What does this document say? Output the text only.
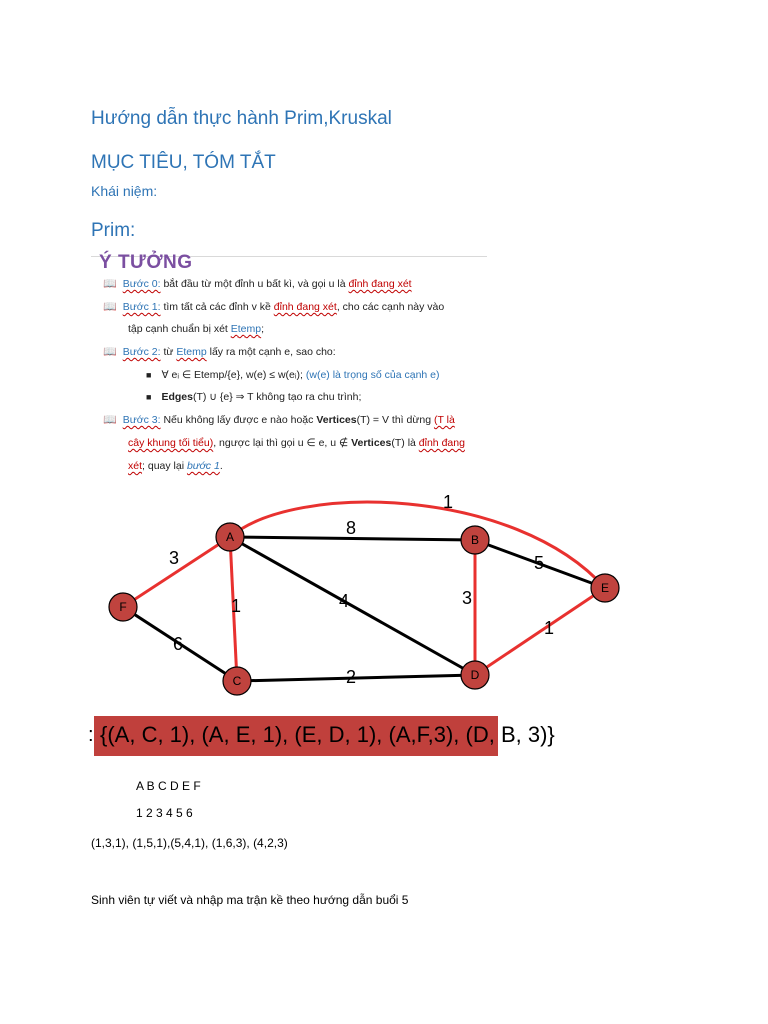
Hướng dẫn thực hành Prim,Kruskal
MỤC TIÊU, TÓM TẮT
Khái niệm:
Prim:
Ý TƯỞNG
📖 Bước 0: bắt đầu từ một đỉnh u bất kì, và gọi u là đỉnh đang xét
📖 Bước 1: tìm tất cả các đỉnh v kề đỉnh đang xét, cho các cạnh này vào
tập cạnh chuẩn bị xét Etemp;
📖 Bước 2: từ Etemp lấy ra một cạnh e, sao cho:
■ ∀ eᵢ ∈ Etemp/{e}, w(e) ≤ w(eᵢ); (w(e) là trọng số của cạnh e)
■ Edges(T) ∪ {e} ⇒ T không tạo ra chu trình;
📖 Bước 3: Nếu không lấy được e nào hoặc Vertices(T) = V thì dừng (T là
cây khung tối tiểu), ngược lại thì gọi u ∈ e, u ∉ Vertices(T) là đỉnh đang
xét; quay lại bước 1.
8
1	4
1
3	5
3
6
2
1
A	B
C	D
E
F
: {(A, C, 1), (A, E, 1), (E, D, 1), (A,F,3), (D, B, 3)}
A B C D E F
1 2 3 4 5 6
(1,3,1), (1,5,1),(5,4,1), (1,6,3), (4,2,3)
Sinh viên tự viết và nhập ma trận kề theo hướng dẫn buổi 5
